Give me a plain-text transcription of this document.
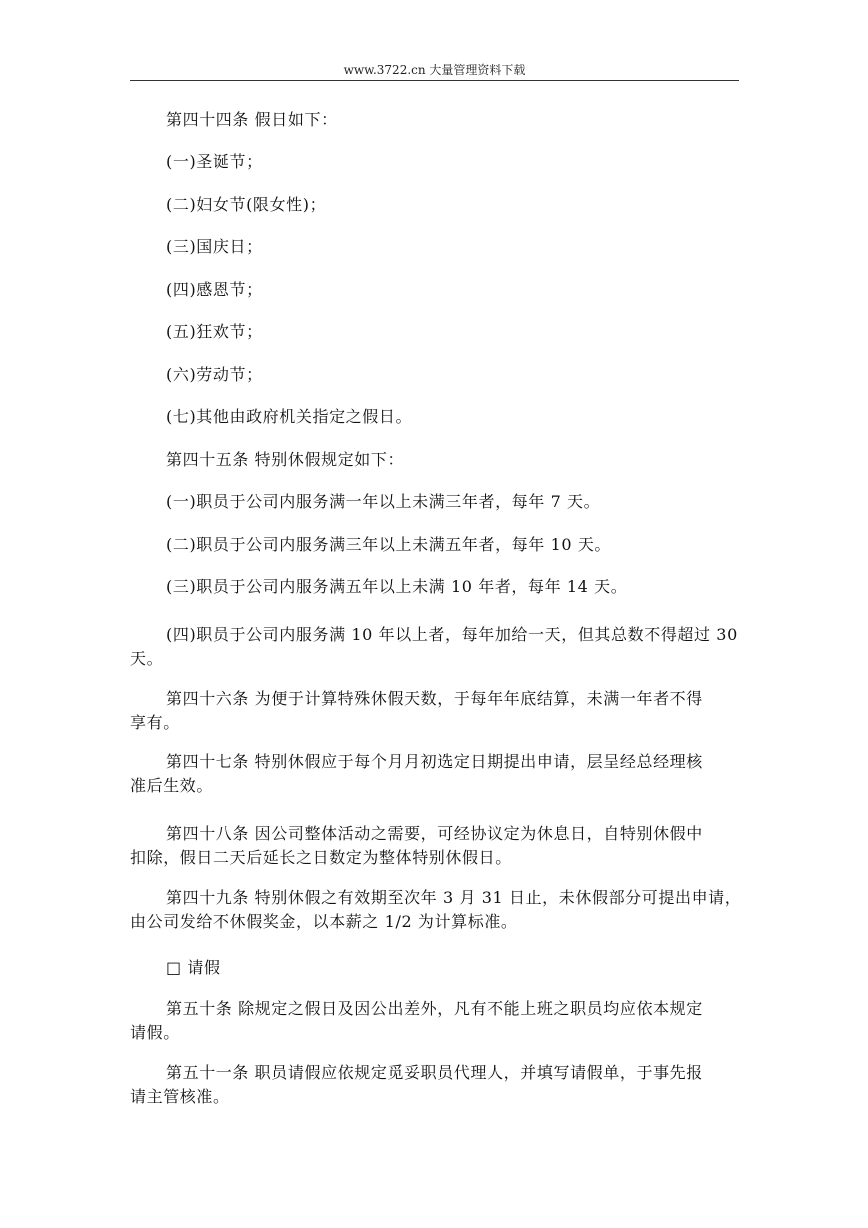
www.3722.cn 大量管理资料下载

第四十四条 假日如下：

(一)圣诞节；

(二)妇女节(限女性)；

(三)国庆日；

(四)感恩节；

(五)狂欢节；

(六)劳动节；

(七)其他由政府机关指定之假日。

第四十五条 特别休假规定如下：

(一)职员于公司内服务满一年以上未满三年者，每年 7 天。

(二)职员于公司内服务满三年以上未满五年者，每年 10 天。

(三)职员于公司内服务满五年以上未满 10 年者，每年 14 天。

(四)职员于公司内服务满 10 年以上者，每年加给一天，但其总数不得超过 30

天。

第四十六条 为便于计算特殊休假天数，于每年年底结算，未满一年者不得

享有。

第四十七条 特别休假应于每个月月初选定日期提出申请，层呈经总经理核

准后生效。

第四十八条 因公司整体活动之需要，可经协议定为休息日，自特别休假中

扣除，假日二天后延长之日数定为整体特别休假日。

第四十九条 特别休假之有效期至次年 3 月 31 日止，未休假部分可提出申请，

由公司发给不休假奖金，以本薪之 1/2 为计算标准。

□ 请假

第五十条 除规定之假日及因公出差外，凡有不能上班之职员均应依本规定

请假。

第五十一条 职员请假应依规定觅妥职员代理人，并填写请假单，于事先报

请主管核准。
